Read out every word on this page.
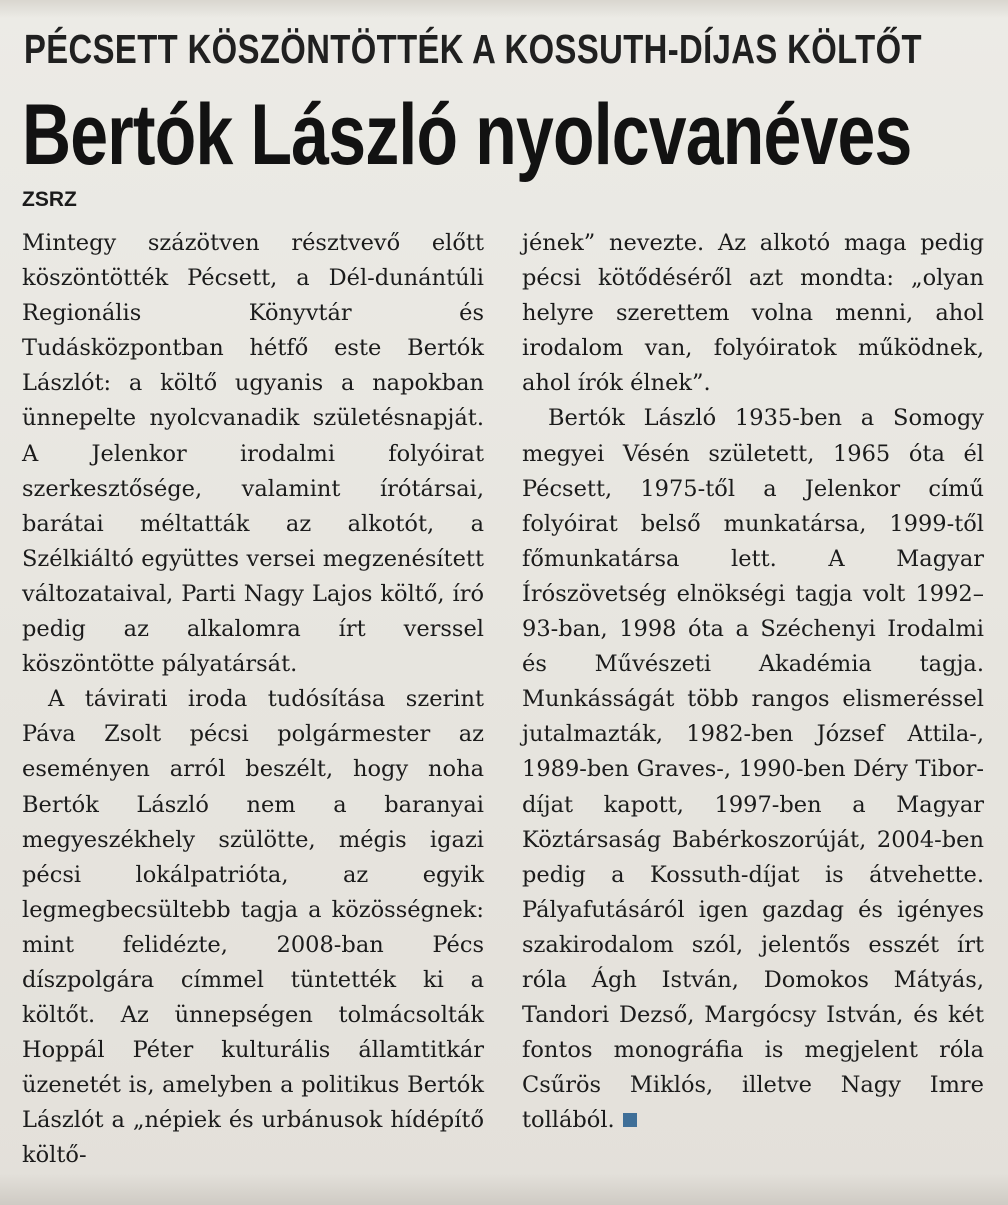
PÉCSETT KÖSZÖNTÖTTÉK A KOSSUTH-DÍJAS KÖLTŐT
Bertók László nyolcvanéves
ZSRZ

Mintegy százötven résztvevő előtt köszöntötték Pécsett, a Dél-dunántúli Regionális Könyvtár és Tudásközpontban hétfő este Bertók Lászlót: a költő ugyanis a napokban ünnepelte nyolcvanadik születésnapját. A Jelenkor irodalmi folyóirat szerkesztősége, valamint írótársai, barátai méltatták az alkotót, a Szélkiáltó együttes versei megzenésített változataival, Parti Nagy Lajos költő, író pedig az alkalomra írt verssel köszöntötte pályatársát.

A távirati iroda tudósítása szerint Páva Zsolt pécsi polgármester az eseményen arról beszélt, hogy noha Bertók László nem a baranyai megyeszékhely szülötte, mégis igazi pécsi lokálpatrióta, az egyik legmegbecsültebb tagja a közösségnek: mint felidézte, 2008-ban Pécs díszpolgára címmel tüntették ki a költőt. Az ünnepségen tolmácsolták Hoppál Péter kulturális államtitkár üzenetét is, amelyben a politikus Bertók Lászlót a „népiek és urbánusok hídépítő költő-

jének” nevezte. Az alkotó maga pedig pécsi kötődéséről azt mondta: „olyan helyre szerettem volna menni, ahol irodalom van, folyóiratok működnek, ahol írók élnek”.

Bertók László 1935-ben a Somogy megyei Vésén született, 1965 óta él Pécsett, 1975-től a Jelenkor című folyóirat belső munkatársa, 1999-től főmunkatársa lett. A Magyar Írószövetség elnökségi tagja volt 1992–93-ban, 1998 óta a Széchenyi Irodalmi és Művészeti Akadémia tagja. Munkásságát több rangos elismeréssel jutalmazták, 1982-ben József Attila-, 1989-ben Graves-, 1990-ben Déry Tibor-díjat kapott, 1997-ben a Magyar Köztársaság Babérkoszorúját, 2004-ben pedig a Kossuth-díjat is átvehette. Pályafutásáról igen gazdag és igényes szakirodalom szól, jelentős esszét írt róla Ágh István, Domokos Mátyás, Tandori Dezső, Margócsy István, és két fontos monográfia is megjelent róla Csűrös Miklós, illetve Nagy Imre tollából.
